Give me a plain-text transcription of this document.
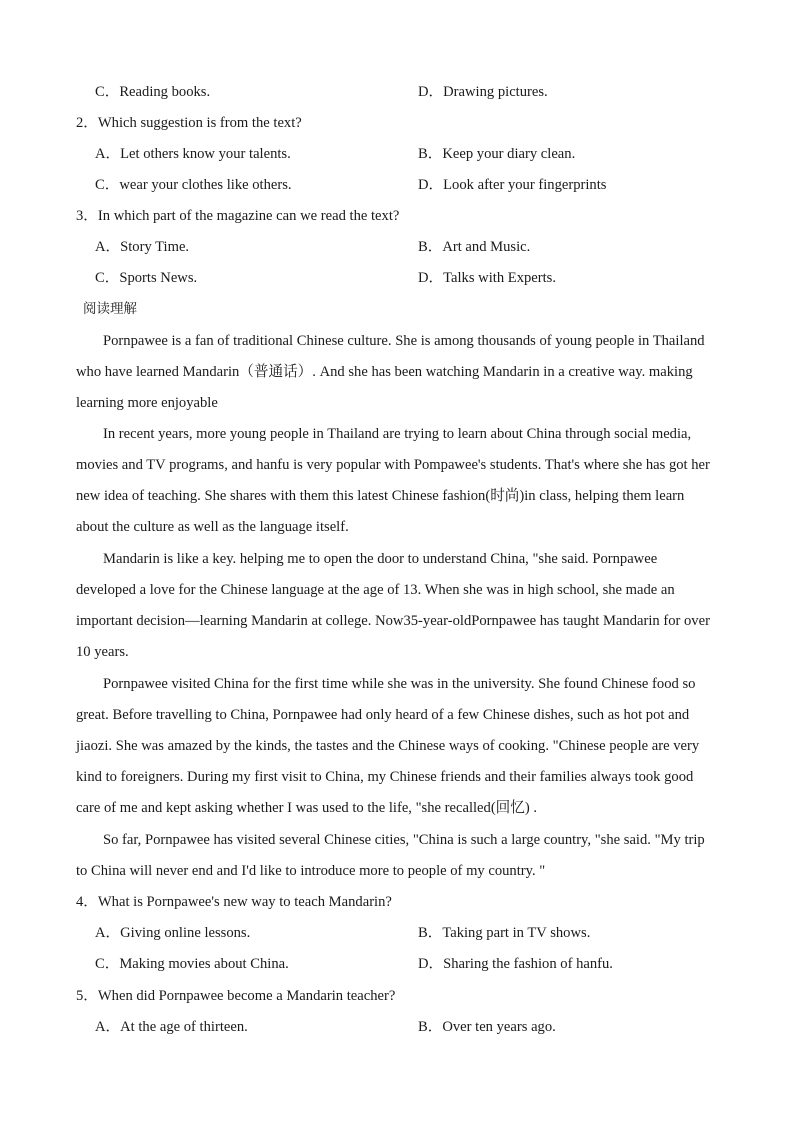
C．Reading books.	D．Drawing pictures.
2．Which suggestion is from the text?
A．Let others know your talents.	B．Keep your diary clean.
C．wear your clothes like others.	D．Look after your fingerprints
3．In which part of the magazine can we read the text?
A．Story Time.	B．Art and Music.
C．Sports News.	D．Talks with Experts.
阅读理解
Pornpawee is a fan of traditional Chinese culture. She is among thousands of young people in Thailand
who have learned Mandarin（普通话）. And she has been watching Mandarin in a creative way. making
learning more enjoyable
In recent years, more young people in Thailand are trying to learn about China through social media,
movies and TV programs, and hanfu is very popular with Pompawee's students. That's where she has got her
new idea of teaching. She shares with them this latest Chinese fashion(时尚)in class, helping them learn
about the culture as well as the language itself.
Mandarin is like a key. helping me to open the door to understand China, "she said. Pornpawee
developed a love for the Chinese language at the age of 13. When she was in high school, she made an
important decision—learning Mandarin at college. Now35-year-oldPornpawee has taught Mandarin for over
10 years.
Pornpawee visited China for the first time while she was in the university. She found Chinese food so
great. Before travelling to China, Pornpawee had only heard of a few Chinese dishes, such as hot pot and
jiaozi. She was amazed by the kinds, the tastes and the Chinese ways of cooking. "Chinese people are very
kind to foreigners. During my first visit to China, my Chinese friends and their families always took good
care of me and kept asking whether I was used to the life, "she recalled(回忆) .
So far, Pornpawee has visited several Chinese cities, "China is such a large country, "she said. "My trip
to China will never end and I'd like to introduce more to people of my country. "
4．What is Pornpawee's new way to teach Mandarin?
A．Giving online lessons.	B．Taking part in TV shows.
C．Making movies about China.	D．Sharing the fashion of hanfu.
5．When did Pornpawee become a Mandarin teacher?
A．At the age of thirteen.	B．Over ten years ago.
